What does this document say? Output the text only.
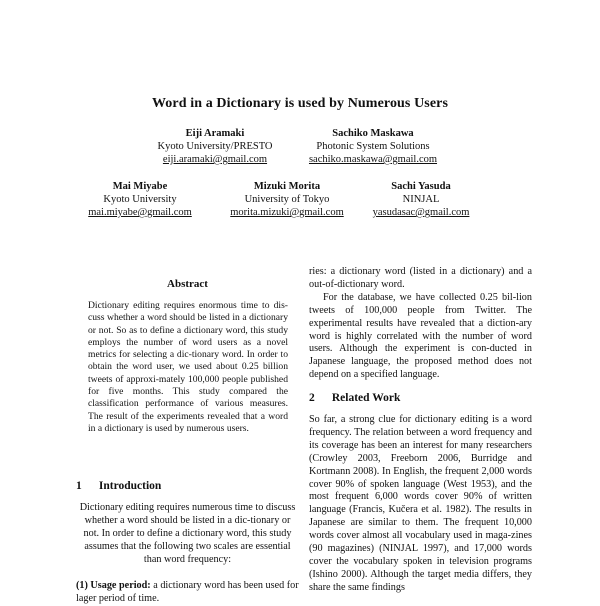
Word in a Dictionary is used by Numerous Users
Eiji Aramaki
Kyoto University/PRESTO
eiji.aramaki@gmail.com
Sachiko Maskawa
Photonic System Solutions
sachiko.maskawa@gmail.com
Mai Miyabe
Kyoto University
mai.miyabe@gmail.com
Mizuki Morita
University of Tokyo
morita.mizuki@gmail.com
Sachi Yasuda
NINJAL
yasudasac@gmail.com
Abstract
Dictionary editing requires enormous time to dis-cuss whether a word should be listed in a dictionary or not. So as to define a dictionary word, this study employs the number of word users as a novel metrics for selecting a dic-tionary word. In order to obtain the word user, we used about 0.25 billion tweets of approxi-mately 100,000 people published for five months. This study compared the classification performance of various measures. The result of the experiments revealed that a word in a dictionary is used by numerous users.
1 Introduction
Dictionary editing requires numerous time to discuss whether a word should be listed in a dic-tionary or not. In order to define a dictionary word, this study assumes that the following two scales are essential than word frequency:
(1) Usage period: a dictionary word has been used for lager period of time.

ries: a dictionary word (listed in a dictionary) and a out-of-dictionary word.

For the database, we have collected 0.25 bil-lion tweets of 100,000 people from Twitter. The experimental results have revealed that a diction-ary word is highly correlated with the number of word users. Although the experiment is con-ducted in Japanese language, the proposed method does not depend on a specified language.

2 Related Work
So far, a strong clue for dictionary editing is a word frequency. The relation between a word frequency and its coverage has been an interest for many researchers (Crowley 2003, Freeborn 2006, Burridge and Kortmann 2008). In English, the frequent 2,000 words cover 90% of spoken language (West 1953), and the most frequent 6,000 words cover 90% of written language (Francis, Kučera et al. 1982). The results in Japanese are similar to them. The frequent 10,000 words cover almost all vocabulary used in maga-zines (90 magazines) (NINJAL 1997), and 17,000 words cover the vocabulary spoken in television programs (Ishino 2000). Although the target media differs, they share the same findings
